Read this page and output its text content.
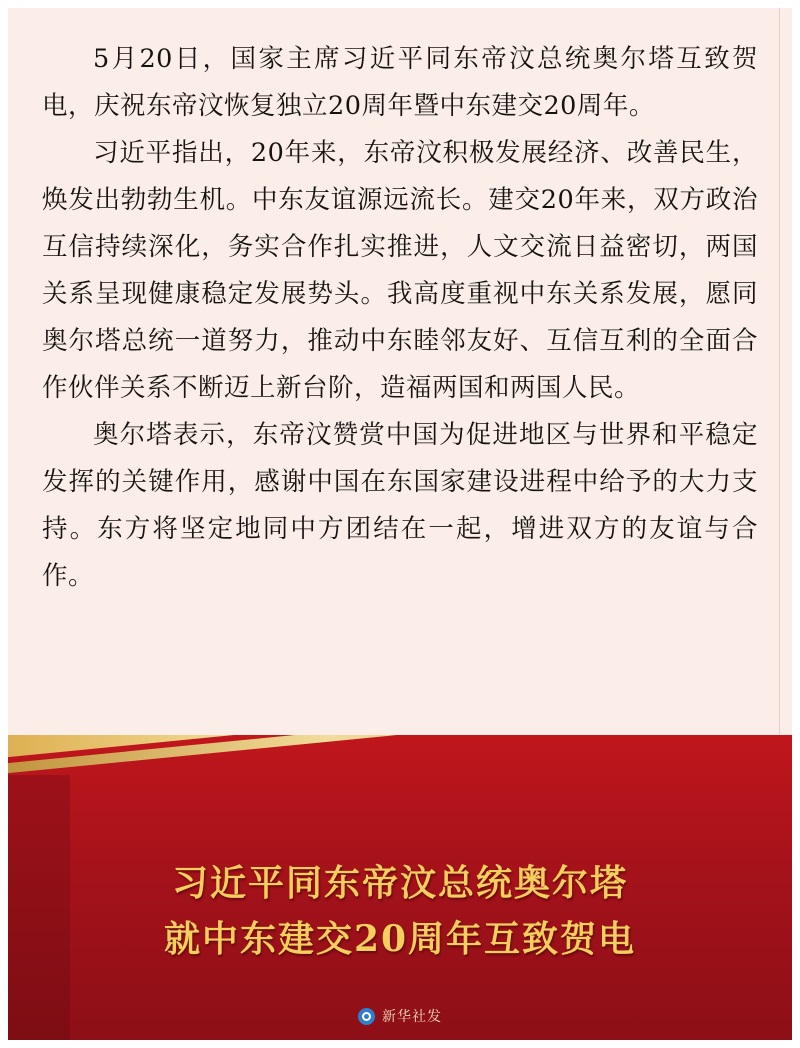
5月20日，国家主席习近平同东帝汶总统奥尔塔互致贺电，庆祝东帝汶恢复独立20周年暨中东建交20周年。

习近平指出，20年来，东帝汶积极发展经济、改善民生，焕发出勃勃生机。中东友谊源远流长。建交20年来，双方政治互信持续深化，务实合作扎实推进，人文交流日益密切，两国关系呈现健康稳定发展势头。我高度重视中东关系发展，愿同奥尔塔总统一道努力，推动中东睦邻友好、互信互利的全面合作伙伴关系不断迈上新台阶，造福两国和两国人民。

奥尔塔表示，东帝汶赞赏中国为促进地区与世界和平稳定发挥的关键作用，感谢中国在东国家建设进程中给予的大力支持。东方将坚定地同中方团结在一起，增进双方的友谊与合作。

习近平同东帝汶总统奥尔塔
就中东建交20周年互致贺电
新华社发
